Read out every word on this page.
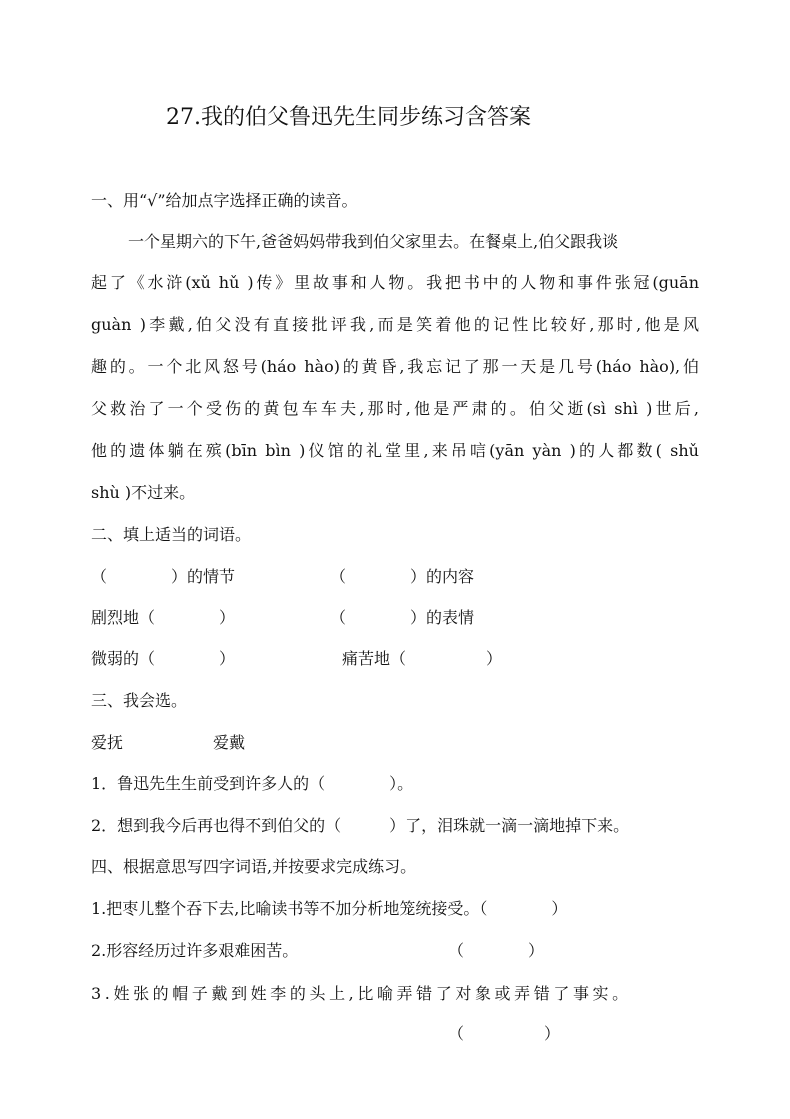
27.我的伯父鲁迅先生同步练习含答案
一、用“√”给加点字选择正确的读音。
一个星期六的下午,爸爸妈妈带我到伯父家里去。在餐桌上,伯父跟我谈
起了《水浒(xǔ hǔ )传》里故事和人物。我把书中的人物和事件张冠(guān
guàn )李戴,伯父没有直接批评我,而是笑着他的记性比较好,那时,他是风
趣的。一个北风怒号(háo hào)的黄昏,我忘记了那一天是几号(háo hào),伯
父救治了一个受伤的黄包车车夫,那时,他是严肃的。伯父逝(sì shì )世后,
他的遗体躺在殡(bīn bìn )仪馆的礼堂里,来吊唁(yān yàn )的人都数( shǔ
shù )不过来。
二、填上适当的词语。
（　　　　）的情节	（　　　　）的内容
剧烈地（　　　　）	（　　　　）的表情
微弱的（　　　　）	痛苦地（　　　　　）
三、我会选。
爱抚	爱戴
1．鲁迅先生生前受到许多人的（　　　　）。
2．想到我今后再也得不到伯父的（　　　）了，泪珠就一滴一滴地掉下来。
四、根据意思写四字词语,并按要求完成练习。
1.把枣儿整个吞下去,比喻读书等不加分析地笼统接受。（　　　　）
2.形容经历过许多艰难困苦。	（　　　　）
3.姓张的帽子戴到姓李的头上,比喻弄错了对象或弄错了事实。
（　　　　　）
